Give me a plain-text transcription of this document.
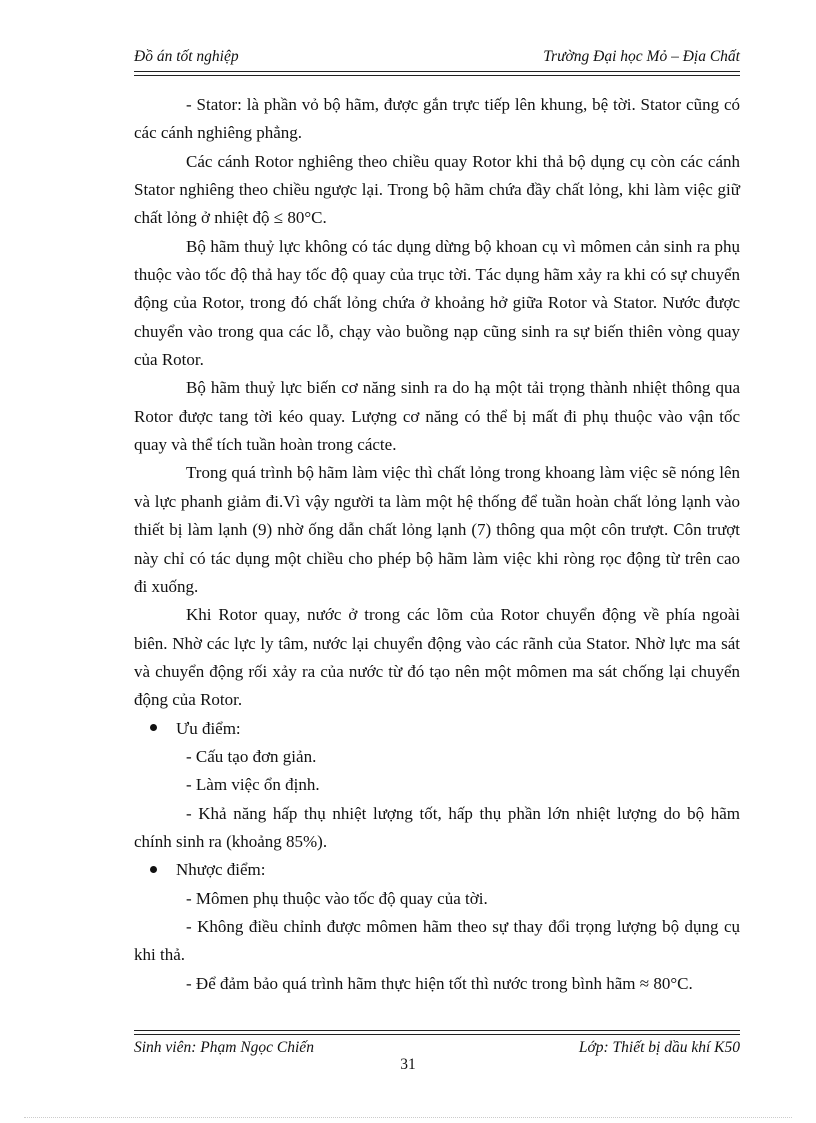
Đồ án tốt nghiệp	Trường Đại học Mỏ – Địa Chất

- Stator: là phần vỏ bộ hãm, được gắn trực tiếp lên khung, bệ tời. Stator cũng có các cánh nghiêng phẳng.

Các cánh Rotor nghiêng theo chiều quay Rotor khi thả bộ dụng cụ còn các cánh Stator nghiêng theo chiều ngược lại. Trong bộ hãm chứa đầy chất lỏng, khi làm việc giữ chất lỏng ở nhiệt độ ≤ 80°C.

Bộ hãm thuỷ lực không có tác dụng dừng bộ khoan cụ vì mômen cản sinh ra phụ thuộc vào tốc độ thả hay tốc độ quay của trục tời. Tác dụng hãm xảy ra khi có sự chuyển động của Rotor, trong đó chất lỏng chứa ở khoảng hở giữa Rotor và Stator. Nước được chuyển vào trong qua các lỗ, chạy vào buồng nạp cũng sinh ra sự biến thiên vòng quay của Rotor.

Bộ hãm thuỷ lực biến cơ năng sinh ra do hạ một tải trọng thành nhiệt thông qua Rotor được tang tời kéo quay. Lượng cơ năng có thể bị mất đi phụ thuộc vào vận tốc quay và thể tích tuần hoàn trong cácte.

Trong quá trình bộ hãm làm việc thì chất lỏng trong khoang làm việc sẽ nóng lên và lực phanh giảm đi.Vì vậy người ta làm một hệ thống để tuần hoàn chất lỏng lạnh vào thiết bị làm lạnh (9) nhờ ống dẫn chất lỏng lạnh (7) thông qua một côn trượt. Côn trượt này chỉ có tác dụng một chiều cho phép bộ hãm làm việc khi ròng rọc động từ trên cao đi xuống.

Khi Rotor quay, nước ở trong các lõm của Rotor chuyển động về phía ngoài biên. Nhờ các lực ly tâm, nước lại chuyển động vào các rãnh của Stator. Nhờ lực ma sát và chuyển động rối xảy ra của nước từ đó tạo nên một mômen ma sát chống lại chuyển động của Rotor.

Ưu điểm:

- Cấu tạo đơn giản.

- Làm việc ổn định.

- Khả năng hấp thụ nhiệt lượng tốt, hấp thụ phần lớn nhiệt lượng do bộ hãm chính sinh ra (khoảng 85%).

Nhược điểm:

- Mômen phụ thuộc vào tốc độ quay của tời.

- Không điều chỉnh được mômen hãm theo sự thay đổi trọng lượng bộ dụng cụ khi thả.

- Để đảm bảo quá trình hãm thực hiện tốt thì nước trong bình hãm ≈ 80°C.

Sinh viên: Phạm Ngọc Chiến	Lớp: Thiết bị dầu khí K50
31
